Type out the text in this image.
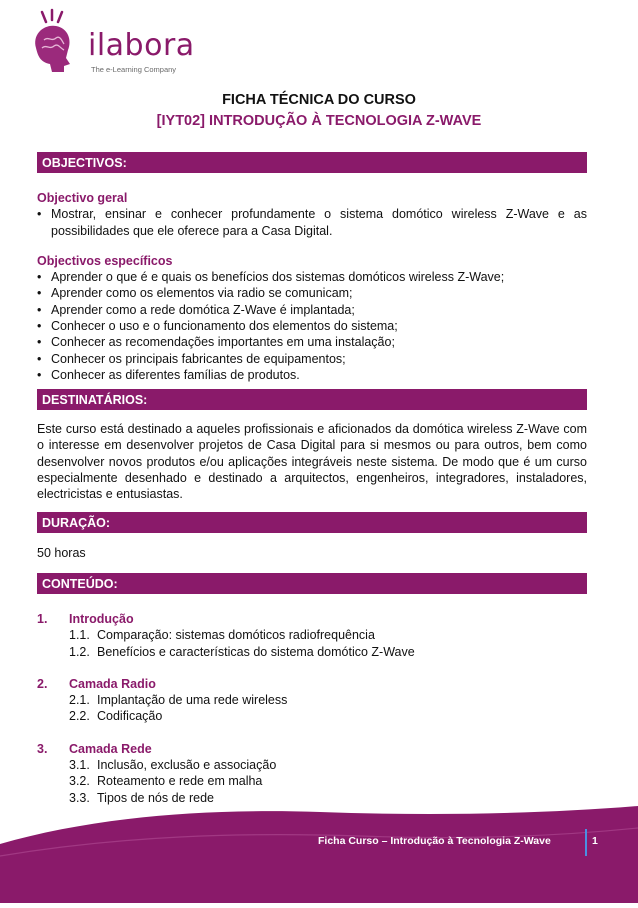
ilabora
The e-Learning Company
FICHA TÉCNICA DO CURSO
[IYT02] INTRODUÇÃO À TECNOLOGIA Z-WAVE
OBJECTIVOS:
Objectivo geral
• Mostrar, ensinar e conhecer profundamente o sistema domótico wireless Z-Wave e as possibilidades que ele oferece para a Casa Digital.
Objectivos específicos
• Aprender o que é e quais os benefícios dos sistemas domóticos wireless Z-Wave;
• Aprender como os elementos via radio se comunicam;
• Aprender como a rede domótica Z-Wave é implantada;
• Conhecer o uso e o funcionamento dos elementos do sistema;
• Conhecer as recomendações importantes em uma instalação;
• Conhecer os principais fabricantes de equipamentos;
• Conhecer as diferentes famílias de produtos.
DESTINATÁRIOS:
Este curso está destinado a aqueles profissionais e aficionados da domótica wireless Z-Wave com o interesse em desenvolver projetos de Casa Digital para si mesmos ou para outros, bem como desenvolver novos produtos e/ou aplicações integráveis neste sistema. De modo que é um curso especialmente desenhado e destinado a arquitectos, engenheiros, integradores, instaladores, electricistas e entusiastas.
DURAÇÃO:
50 horas
CONTEÚDO:
1. Introdução
1.1. Comparação: sistemas domóticos radiofrequência
1.2. Benefícios e características do sistema domótico Z-Wave
2. Camada Radio
2.1. Implantação de uma rede wireless
2.2. Codificação
3. Camada Rede
3.1. Inclusão, exclusão e associação
3.2. Roteamento e rede em malha
3.3. Tipos de nós de rede
Ficha Curso – Introdução à Tecnologia Z-Wave	1
